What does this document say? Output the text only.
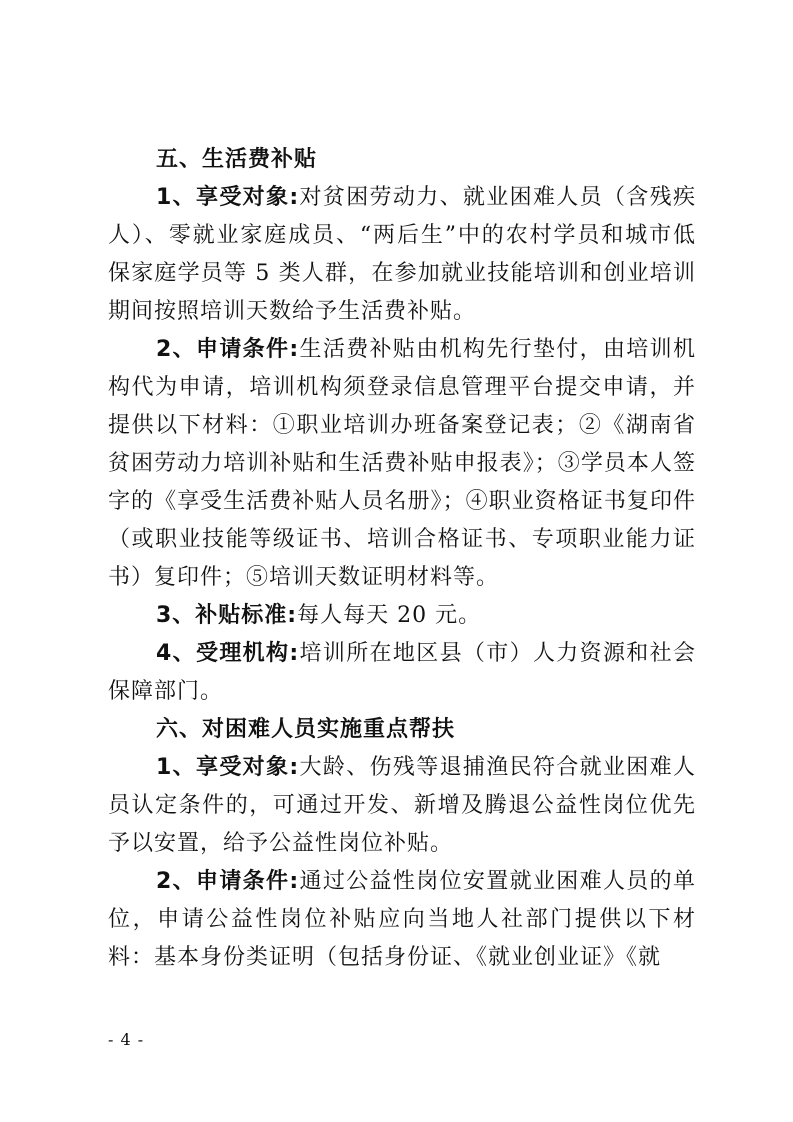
五、生活费补贴

1、享受对象:对贫困劳动力、就业困难人员（含残疾人）、零就业家庭成员、“两后生”中的农村学员和城市低保家庭学员等 5 类人群，在参加就业技能培训和创业培训期间按照培训天数给予生活费补贴。

2、申请条件:生活费补贴由机构先行垫付，由培训机构代为申请，培训机构须登录信息管理平台提交申请，并提供以下材料：①职业培训办班备案登记表；②《湖南省贫困劳动力培训补贴和生活费补贴申报表》；③学员本人签字的《享受生活费补贴人员名册》；④职业资格证书复印件（或职业技能等级证书、培训合格证书、专项职业能力证书）复印件；⑤培训天数证明材料等。

3、补贴标准:每人每天 20 元。

4、受理机构:培训所在地区县（市）人力资源和社会保障部门。

六、对困难人员实施重点帮扶

1、享受对象:大龄、伤残等退捕渔民符合就业困难人员认定条件的，可通过开发、新增及腾退公益性岗位优先予以安置，给予公益性岗位补贴。

2、申请条件:通过公益性岗位安置就业困难人员的单位，申请公益性岗位补贴应向当地人社部门提供以下材料：基本身份类证明（包括身份证、《就业创业证》《就

- 4 -
